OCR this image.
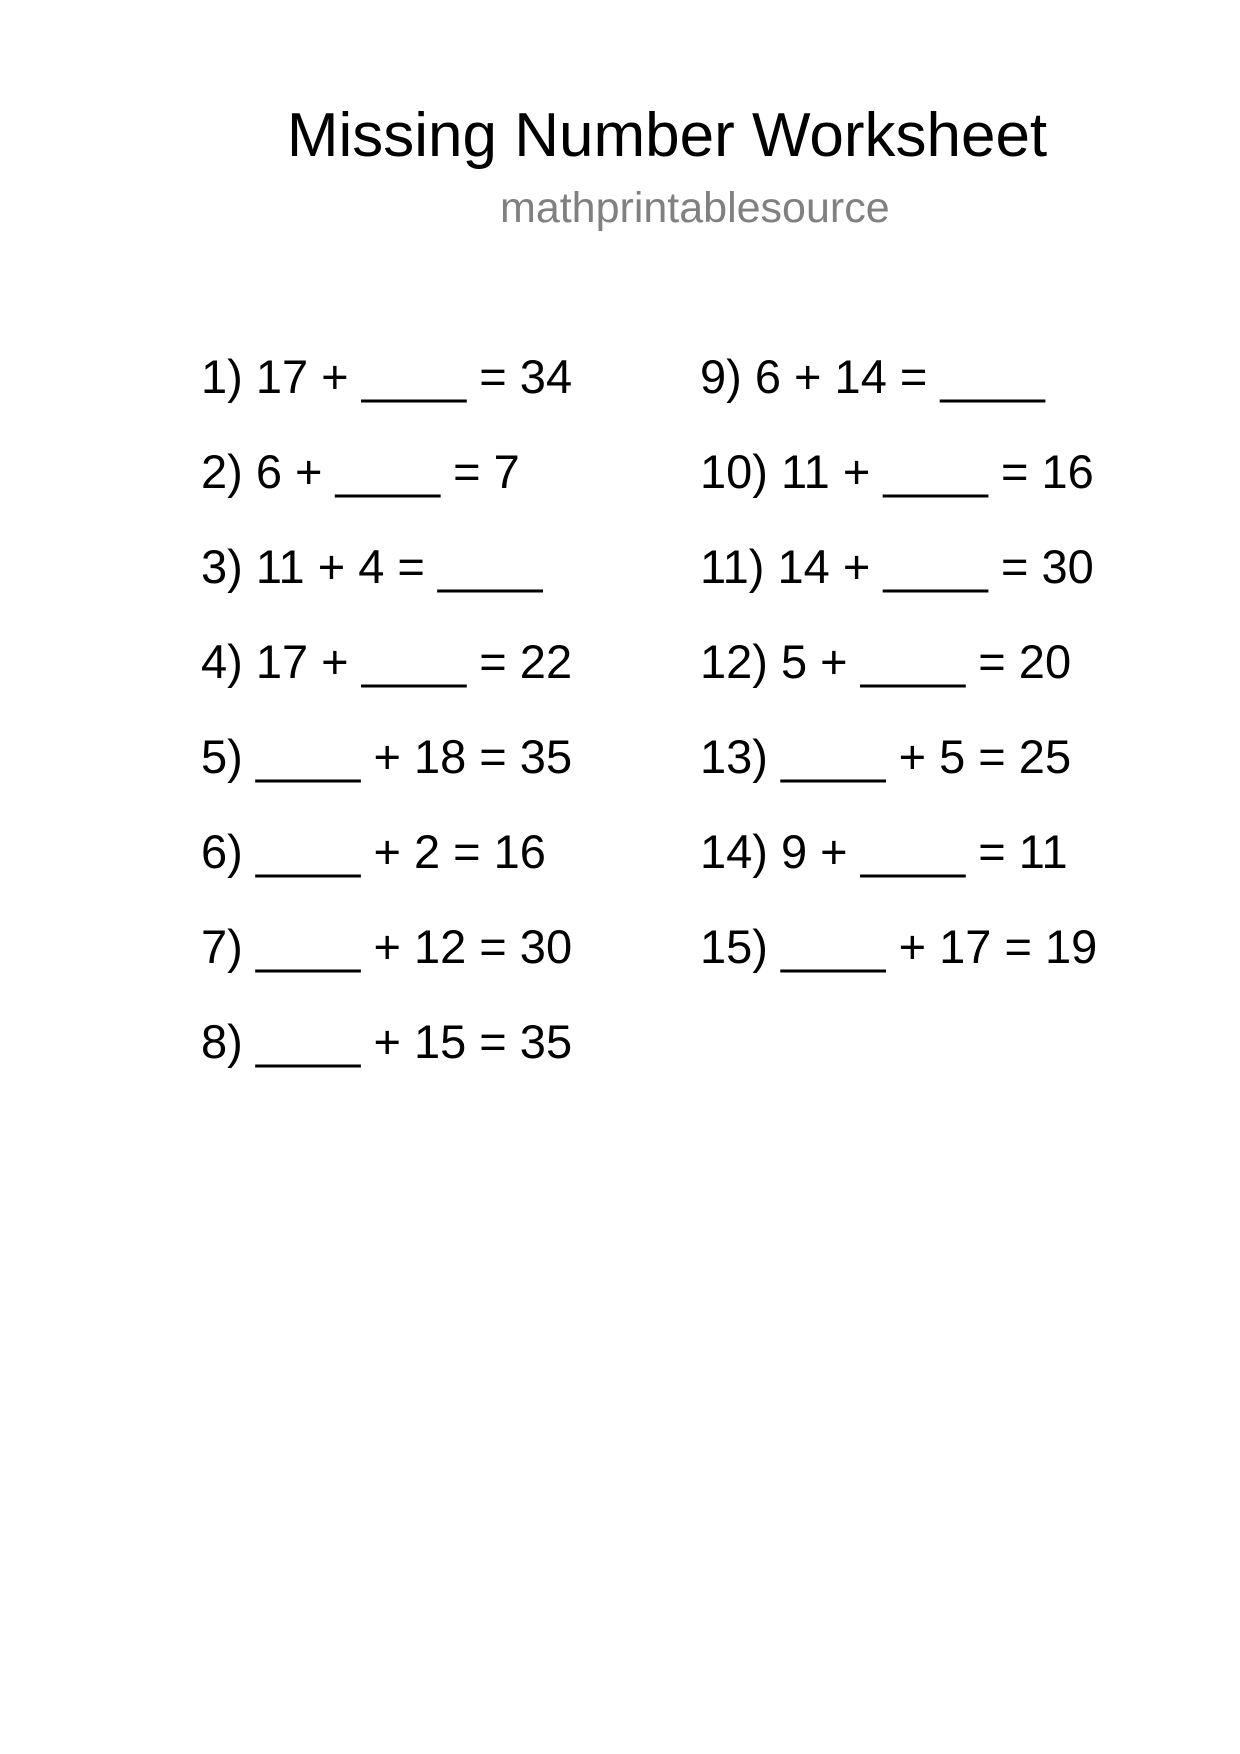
Missing Number Worksheet
mathprintablesource
1) 17 + ____ = 34
2) 6 + ____ = 7
3) 11 + 4 = ____
4) 17 + ____ = 22
5) ____ + 18 = 35
6) ____ + 2 = 16
7) ____ + 12 = 30
8) ____ + 15 = 35
9) 6 + 14 = ____
10) 11 + ____ = 16
11) 14 + ____ = 30
12) 5 + ____ = 20
13) ____ + 5 = 25
14) 9 + ____ = 11
15) ____ + 17 = 19
